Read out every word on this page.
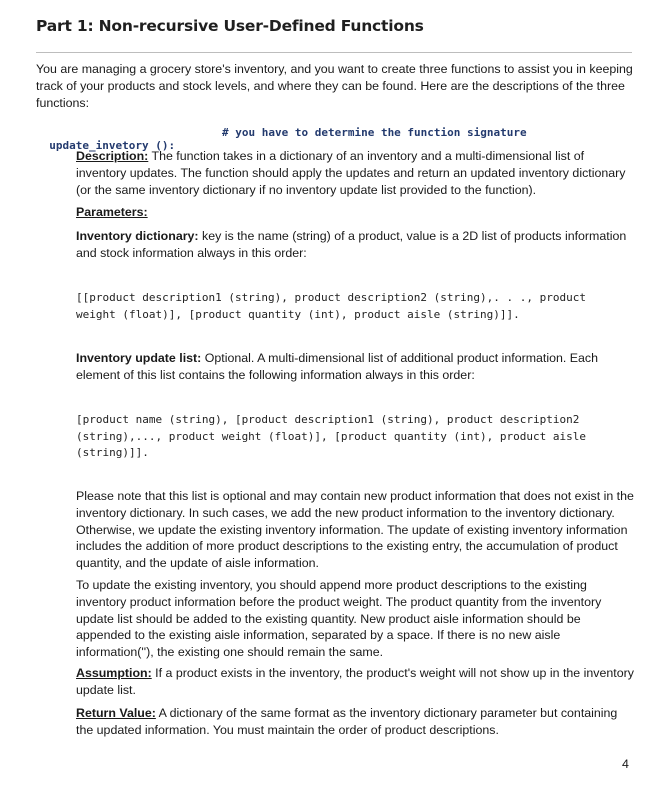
Part 1: Non-recursive User-Defined Functions

You are managing a grocery store's inventory, and you want to create three functions to assist you in keeping track of your products and stock levels, and where they can be found. Here are the descriptions of the three functions:

update_invetory ():

# you have to determine the function signature

Description: The function takes in a dictionary of an inventory and a multi-dimensional list of inventory updates. The function should apply the updates and return an updated inventory dictionary (or the same inventory dictionary if no inventory update list provided to the function).

Parameters:

Inventory dictionary: key is the name (string) of a product, value is a 2D list of products information and stock information always in this order:

[[product description1 (string), product description2 (string),. . ., product
weight (float)], [product quantity (int), product aisle (string)]].

Inventory update list: Optional. A multi-dimensional list of additional product information. Each element of this list contains the following information always in this order:

[product name (string), [product description1 (string), product description2
(string),..., product weight (float)], [product quantity (int), product aisle
(string)]].

Please note that this list is optional and may contain new product information that does not exist in the inventory dictionary. In such cases, we add the new product information to the inventory dictionary. Otherwise, we update the existing inventory information. The update of existing inventory information includes the addition of more product descriptions to the existing entry, the accumulation of product quantity, and the update of aisle information.

To update the existing inventory, you should append more product descriptions to the existing inventory product information before the product weight. The product quantity from the inventory update list should be added to the existing quantity. New product aisle information should be appended to the existing aisle information, separated by a space. If there is no new aisle information(''), the existing one should remain the same.

Assumption: If a product exists in the inventory, the product's weight will not show up in the inventory update list.

Return Value: A dictionary of the same format as the inventory dictionary parameter but containing the updated information. You must maintain the order of product descriptions.

4
